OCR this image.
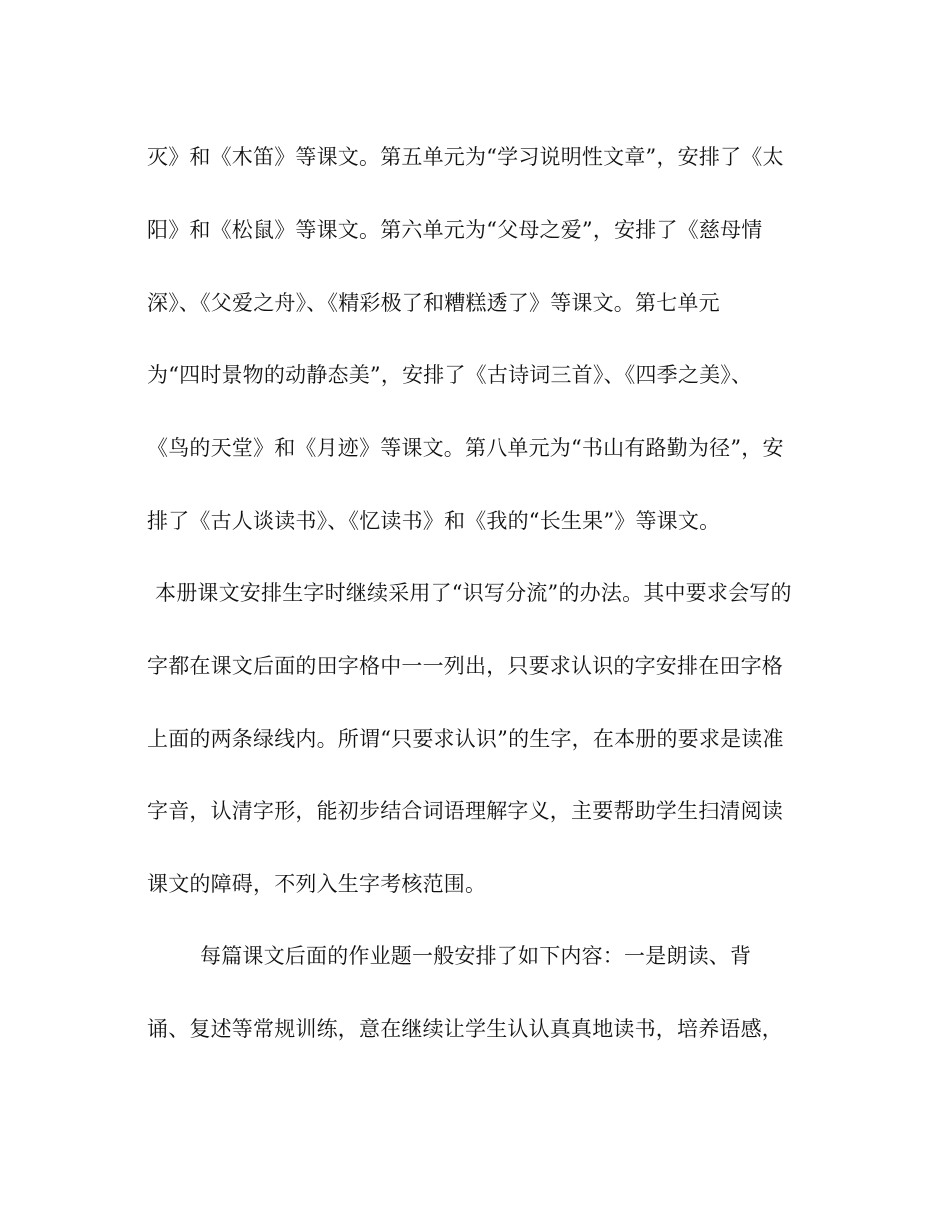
灭》和《木笛》等课文。第五单元为“学习说明性文章”，安排了《太
阳》和《松鼠》等课文。第六单元为“父母之爱”，安排了《慈母情
深》、《父爱之舟》、《精彩极了和糟糕透了》等课文。第七单元
为“四时景物的动静态美”，安排了《古诗词三首》、《四季之美》、
《鸟的天堂》和《月迹》等课文。第八单元为“书山有路勤为径”，安
排了《古人谈读书》、《忆读书》和《我的“长生果”》等课文。
本册课文安排生字时继续采用了“识写分流”的办法。其中要求会写的
字都在课文后面的田字格中一一列出，只要求认识的字安排在田字格
上面的两条绿线内。所谓“只要求认识”的生字，在本册的要求是读准
字音，认清字形，能初步结合词语理解字义，主要帮助学生扫清阅读
课文的障碍，不列入生字考核范围。
每篇课文后面的作业题一般安排了如下内容：一是朗读、背
诵、复述等常规训练，意在继续让学生认认真真地读书，培养语感，
